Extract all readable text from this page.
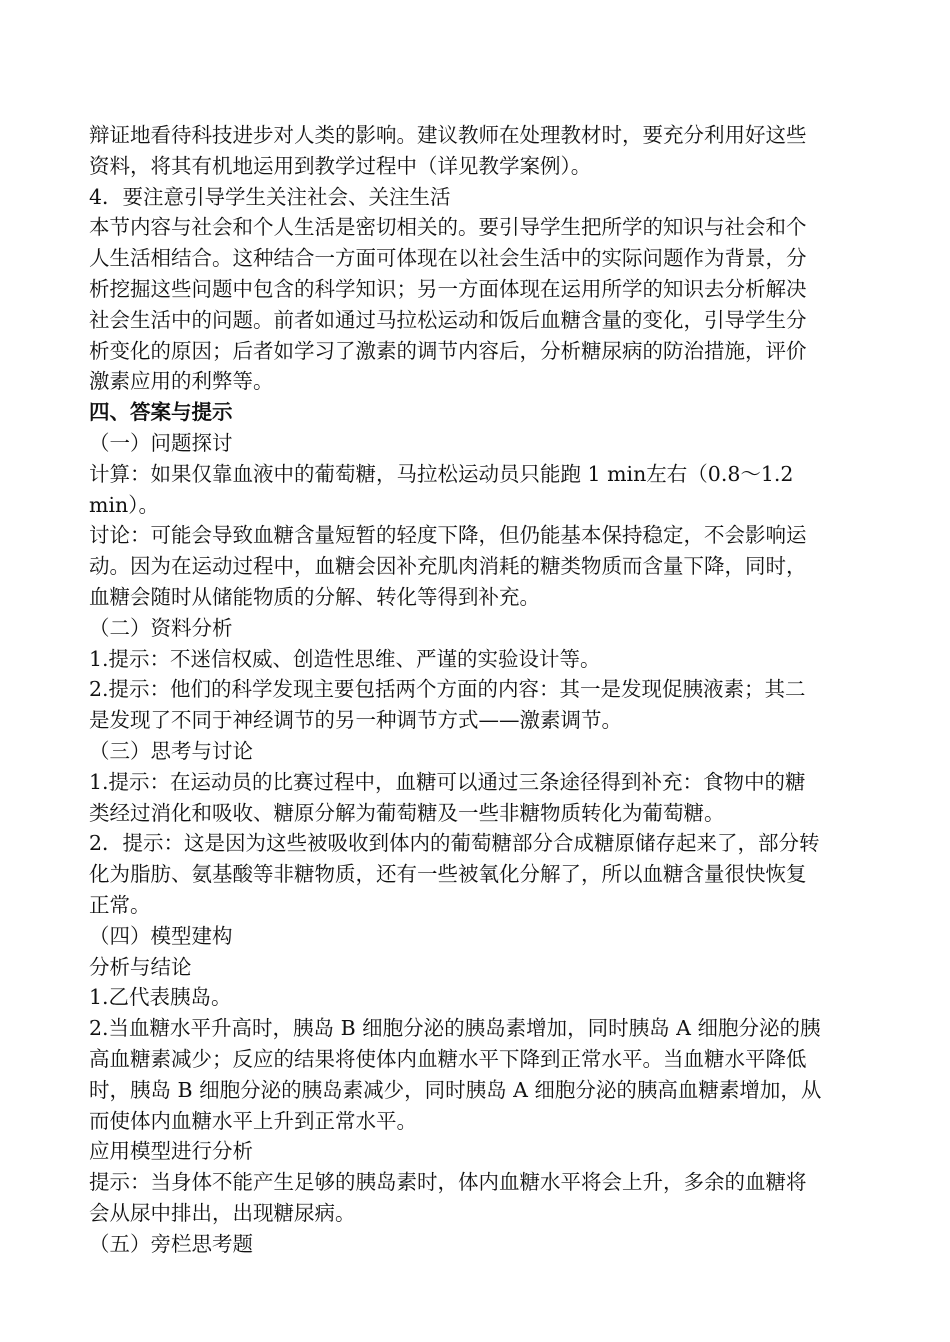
辩证地看待科技进步对人类的影响。建议教师在处理教材时，要充分利用好这些
资料，将其有机地运用到教学过程中（详见教学案例）。
4．要注意引导学生关注社会、关注生活
本节内容与社会和个人生活是密切相关的。要引导学生把所学的知识与社会和个
人生活相结合。这种结合一方面可体现在以社会生活中的实际问题作为背景，分
析挖掘这些问题中包含的科学知识；另一方面体现在运用所学的知识去分析解决
社会生活中的问题。前者如通过马拉松运动和饭后血糖含量的变化，引导学生分
析变化的原因；后者如学习了激素的调节内容后，分析糖尿病的防治措施，评价
激素应用的利弊等。
四、答案与提示
（一）问题探讨
计算：如果仅靠血液中的葡萄糖，马拉松运动员只能跑 1 min左右（0.8～1.2
min）。
讨论：可能会导致血糖含量短暂的轻度下降，但仍能基本保持稳定，不会影响运
动。因为在运动过程中，血糖会因补充肌肉消耗的糖类物质而含量下降，同时，
血糖会随时从储能物质的分解、转化等得到补充。
（二）资料分析
1.提示：不迷信权威、创造性思维、严谨的实验设计等。
2.提示：他们的科学发现主要包括两个方面的内容：其一是发现促胰液素；其二
是发现了不同于神经调节的另一种调节方式——激素调节。
（三）思考与讨论
1.提示：在运动员的比赛过程中，血糖可以通过三条途径得到补充：食物中的糖
类经过消化和吸收、糖原分解为葡萄糖及一些非糖物质转化为葡萄糖。
2．提示：这是因为这些被吸收到体内的葡萄糖部分合成糖原储存起来了，部分转
化为脂肪、氨基酸等非糖物质，还有一些被氧化分解了，所以血糖含量很快恢复
正常。
（四）模型建构
分析与结论
1.乙代表胰岛。
2.当血糖水平升高时，胰岛 B 细胞分泌的胰岛素增加，同时胰岛 A 细胞分泌的胰
高血糖素减少；反应的结果将使体内血糖水平下降到正常水平。当血糖水平降低
时，胰岛 B 细胞分泌的胰岛素减少，同时胰岛 A 细胞分泌的胰高血糖素增加，从
而使体内血糖水平上升到正常水平。
应用模型进行分析
提示：当身体不能产生足够的胰岛素时，体内血糖水平将会上升，多余的血糖将
会从尿中排出，出现糖尿病。
（五）旁栏思考题
